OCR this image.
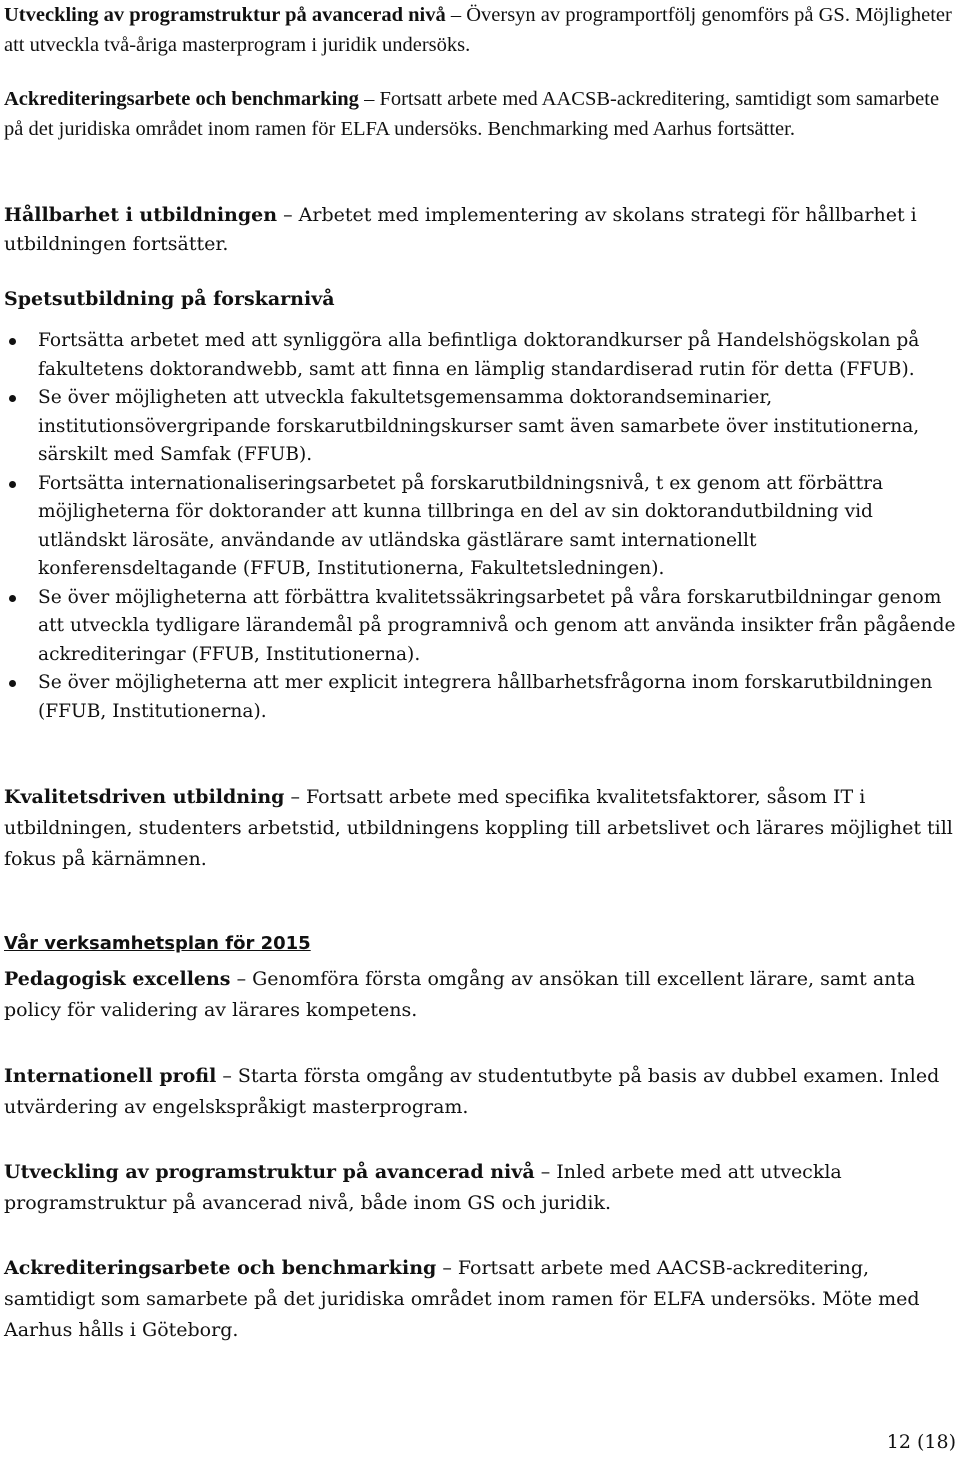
Utveckling av programstruktur på avancerad nivå – Översyn av programportfölj genomförs på GS. Möjligheter att utveckla två-åriga masterprogram i juridik undersöks.

Ackrediteringsarbete och benchmarking – Fortsatt arbete med AACSB-ackreditering, samtidigt som samarbete på det juridiska området inom ramen för ELFA undersöks. Benchmarking med Aarhus fortsätter.

Hållbarhet i utbildningen – Arbetet med implementering av skolans strategi för hållbarhet i utbildningen fortsätter.

Spetsutbildning på forskarnivå

Fortsätta arbetet med att synliggöra alla befintliga doktorandkurser på Handelshögskolan på fakultetens doktorandwebb, samt att finna en lämplig standardiserad rutin för detta (FFUB).
Se över möjligheten att utveckla fakultetsgemensamma doktorandseminarier, institutionsövergripande forskarutbildningskurser samt även samarbete över institutionerna, särskilt med Samfak (FFUB).
Fortsätta internationaliseringsarbetet på forskarutbildningsnivå, t ex genom att förbättra möjligheterna för doktorander att kunna tillbringa en del av sin doktorandutbildning vid utländskt lärosäte, användande av utländska gästlärare samt internationellt konferensdeltagande (FFUB, Institutionerna, Fakultetsledningen).
Se över möjligheterna att förbättra kvalitetssäkringsarbetet på våra forskarutbildningar genom att utveckla tydligare lärandemål på programnivå och genom att använda insikter från pågående ackrediteringar (FFUB, Institutionerna).
Se över möjligheterna att mer explicit integrera hållbarhetsfrågorna inom forskarutbildningen (FFUB, Institutionerna).

Kvalitetsdriven utbildning – Fortsatt arbete med specifika kvalitetsfaktorer, såsom IT i utbildningen, studenters arbetstid, utbildningens koppling till arbetslivet och lärares möjlighet till fokus på kärnämnen.

Vår verksamhetsplan för 2015

Pedagogisk excellens – Genomföra första omgång av ansökan till excellent lärare, samt anta policy för validering av lärares kompetens.

Internationell profil – Starta första omgång av studentutbyte på basis av dubbel examen. Inled utvärdering av engelskspråkigt masterprogram.

Utveckling av programstruktur på avancerad nivå – Inled arbete med att utveckla programstruktur på avancerad nivå, både inom GS och juridik.

Ackrediteringsarbete och benchmarking – Fortsatt arbete med AACSB-ackreditering, samtidigt som samarbete på det juridiska området inom ramen för ELFA undersöks. Möte med Aarhus hålls i Göteborg.

12 (18)
